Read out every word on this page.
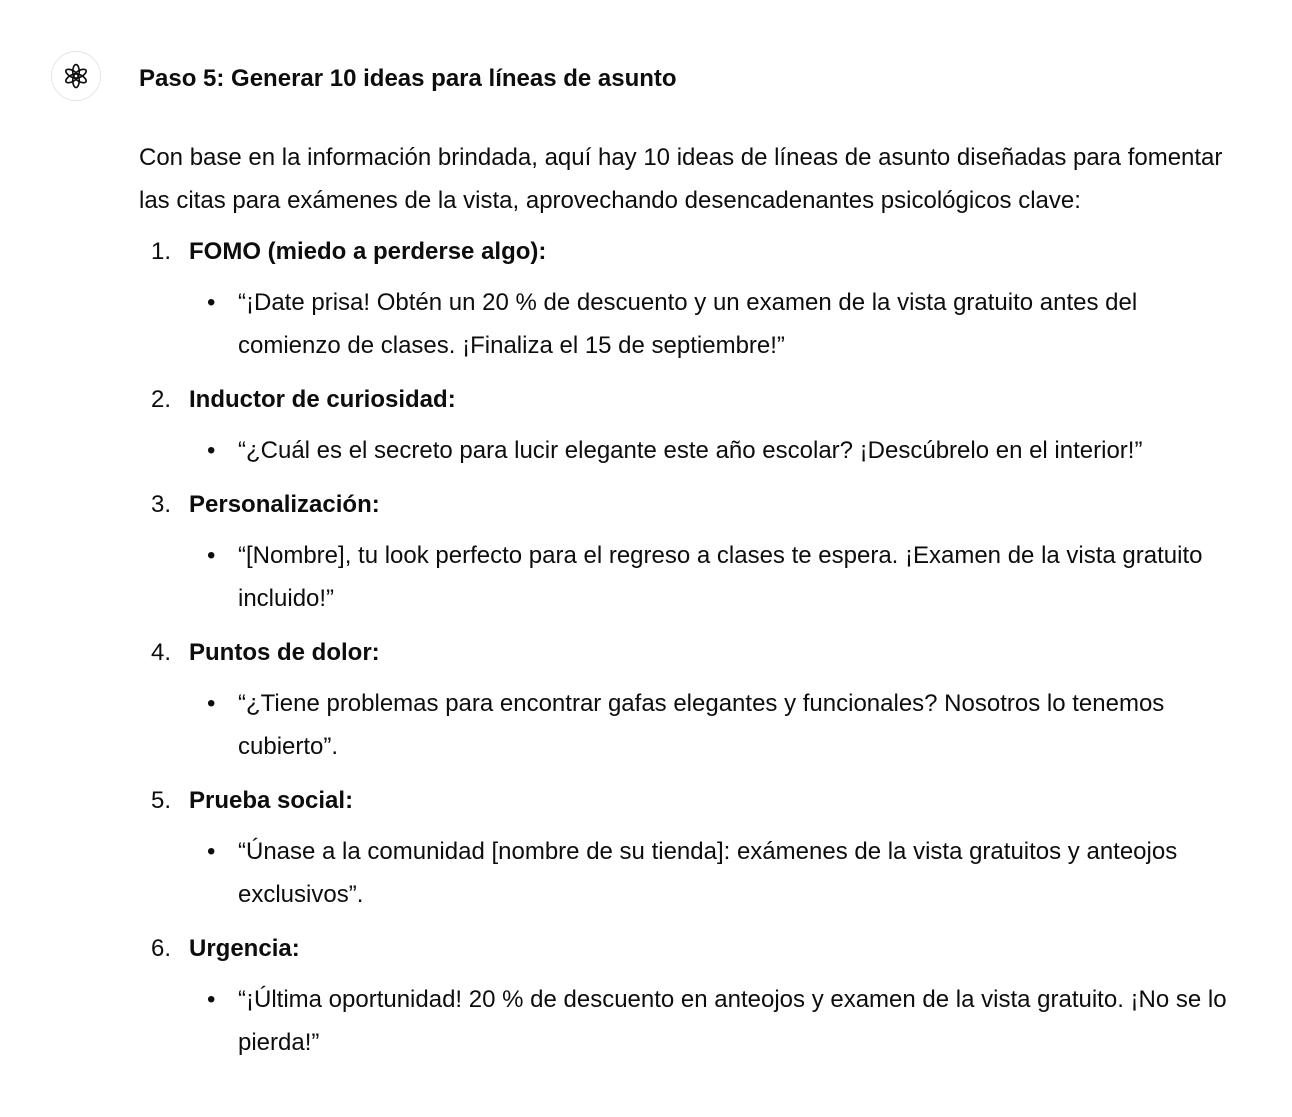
Paso 5: Generar 10 ideas para líneas de asunto

Con base en la información brindada, aquí hay 10 ideas de líneas de asunto diseñadas para fomentar las citas para exámenes de la vista, aprovechando desencadenantes psicológicos clave:

1. FOMO (miedo a perderse algo):
• “¡Date prisa! Obtén un 20 % de descuento y un examen de la vista gratuito antes del comienzo de clases. ¡Finaliza el 15 de septiembre!”
2. Inductor de curiosidad:
• “¿Cuál es el secreto para lucir elegante este año escolar? ¡Descúbrelo en el interior!”
3. Personalización:
• “[Nombre], tu look perfecto para el regreso a clases te espera. ¡Examen de la vista gratuito incluido!”
4. Puntos de dolor:
• “¿Tiene problemas para encontrar gafas elegantes y funcionales? Nosotros lo tenemos cubierto”.
5. Prueba social:
• “Únase a la comunidad [nombre de su tienda]: exámenes de la vista gratuitos y anteojos exclusivos”.
6. Urgencia:
• “¡Última oportunidad! 20 % de descuento en anteojos y examen de la vista gratuito. ¡No se lo pierda!”
